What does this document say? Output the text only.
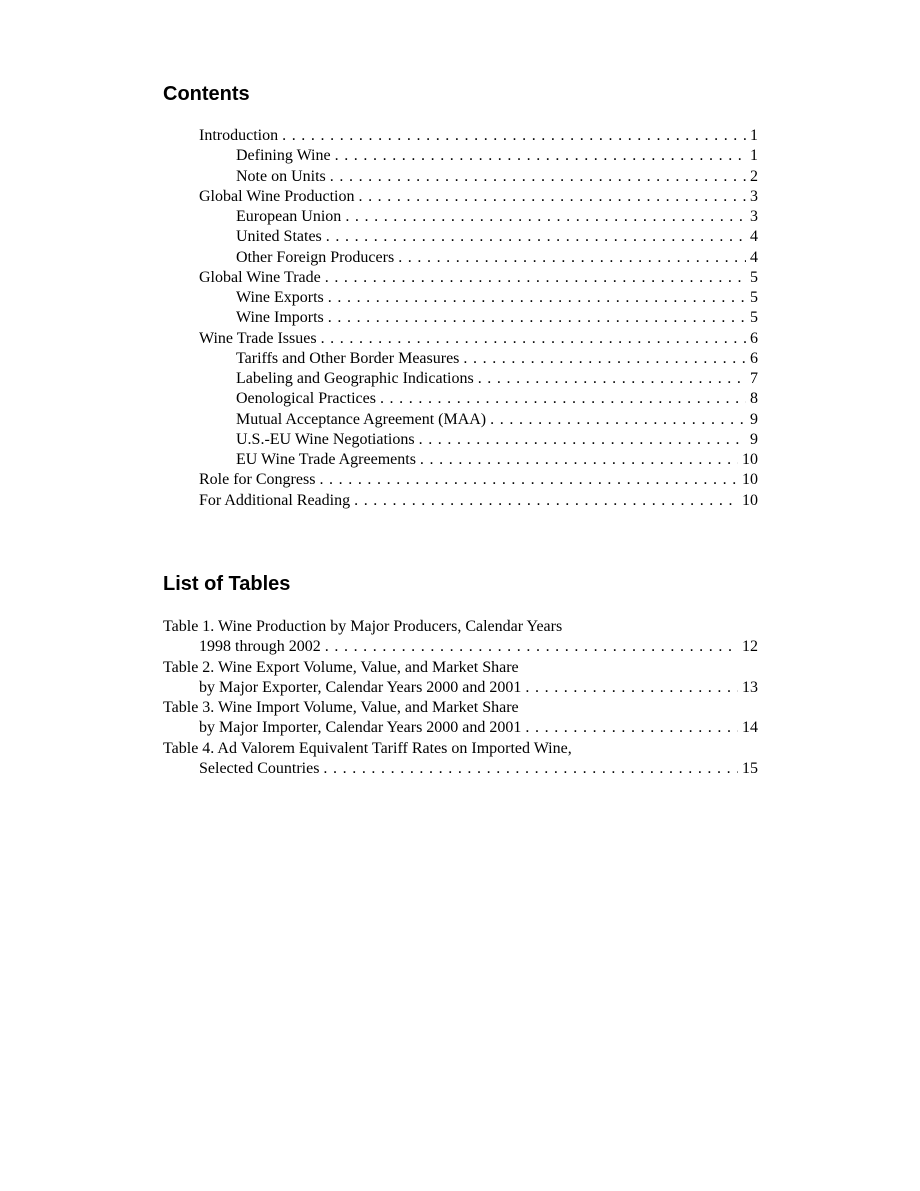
Contents
Introduction . . .	1
Defining Wine . . .	1
Note on Units . . .	2
Global Wine Production . . .	3
European Union . . .	3
United States . . .	4
Other Foreign Producers . . .	4
Global Wine Trade . . .	5
Wine Exports . . .	5
Wine Imports . . .	5
Wine Trade Issues . . .	6
Tariffs and Other Border Measures . . .	6
Labeling and Geographic Indications . . .	7
Oenological Practices . . .	8
Mutual Acceptance Agreement (MAA) . . .	9
U.S.-EU Wine Negotiations . . .	9
EU Wine Trade Agreements . . .	10
Role for Congress . . .	10
For Additional Reading . . .	10
List of Tables
Table 1. Wine Production by Major Producers, Calendar Years
1998 through 2002 . . .	12
Table 2. Wine Export Volume, Value, and Market Share
by Major Exporter, Calendar Years 2000 and 2001 . . .	13
Table 3. Wine Import Volume, Value, and Market Share
by Major Importer, Calendar Years 2000 and 2001 . . .	14
Table 4. Ad Valorem Equivalent Tariff Rates on Imported Wine,
Selected Countries . . .	15
